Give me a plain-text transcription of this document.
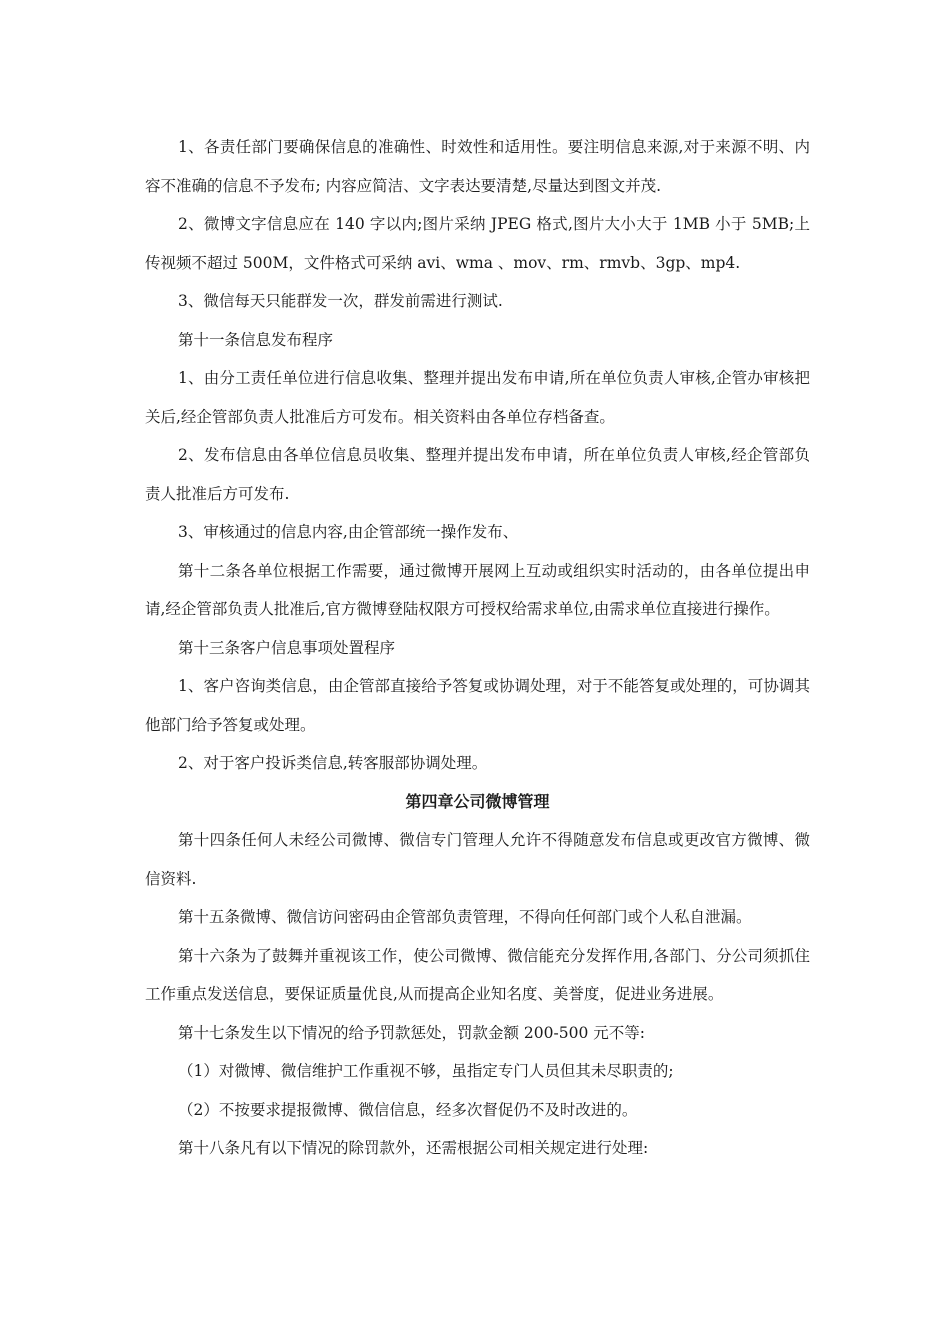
1、各责任部门要确保信息的准确性、时效性和适用性。要注明信息来源,对于来源不明、内容不准确的信息不予发布; 内容应简洁、文字表达要清楚,尽量达到图文并茂.

2、微博文字信息应在 140 字以内;图片采纳 JPEG 格式,图片大小大于 1MB 小于 5MB;上传视频不超过 500M，文件格式可采纳 avi、wma 、mov、rm、rmvb、3gp、mp4.

3、微信每天只能群发一次，群发前需进行测试.

第十一条信息发布程序

1、由分工责任单位进行信息收集、整理并提出发布申请,所在单位负责人审核,企管办审核把关后,经企管部负责人批准后方可发布。相关资料由各单位存档备查。

2、发布信息由各单位信息员收集、整理并提出发布申请，所在单位负责人审核,经企管部负责人批准后方可发布.

3、审核通过的信息内容,由企管部统一操作发布、

第十二条各单位根据工作需要，通过微博开展网上互动或组织实时活动的，由各单位提出申请,经企管部负责人批准后,官方微博登陆权限方可授权给需求单位,由需求单位直接进行操作。

第十三条客户信息事项处置程序

1、客户咨询类信息，由企管部直接给予答复或协调处理，对于不能答复或处理的，可协调其他部门给予答复或处理。

2、对于客户投诉类信息,转客服部协调处理。

第四章公司微博管理

第十四条任何人未经公司微博、微信专门管理人允许不得随意发布信息或更改官方微博、微信资料.

第十五条微博、微信访问密码由企管部负责管理，不得向任何部门或个人私自泄漏。

第十六条为了鼓舞并重视该工作，使公司微博、微信能充分发挥作用,各部门、分公司须抓住工作重点发送信息，要保证质量优良,从而提高企业知名度、美誉度，促进业务进展。

第十七条发生以下情况的给予罚款惩处，罚款金额 200-500 元不等:

（1）对微博、微信维护工作重视不够，虽指定专门人员但其未尽职责的;

（2）不按要求提报微博、微信信息，经多次督促仍不及时改进的。

第十八条凡有以下情况的除罚款外，还需根据公司相关规定进行处理:
